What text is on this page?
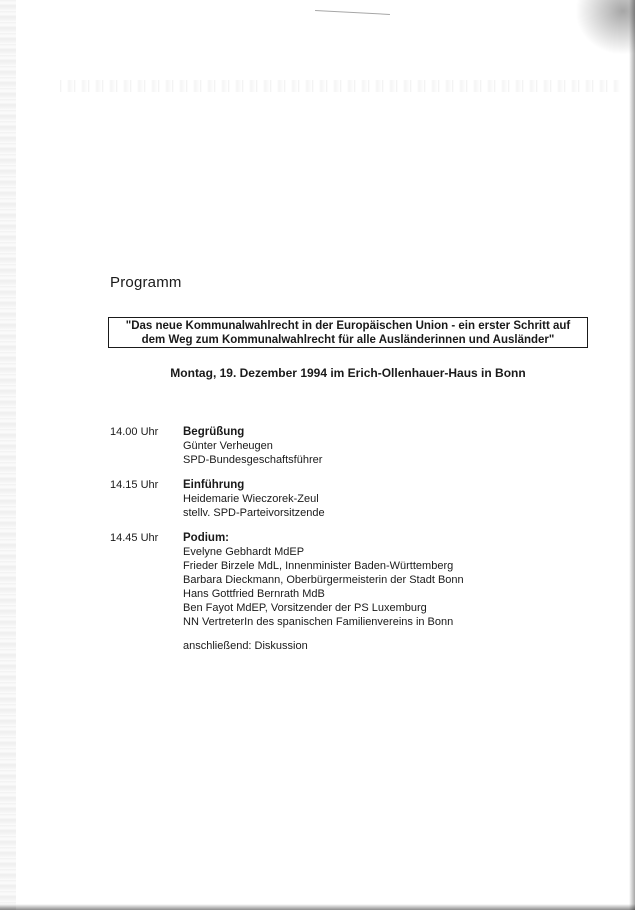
Programm
"Das neue Kommunalwahlrecht in der Europäischen Union - ein erster Schritt auf
dem Weg zum Kommunalwahlrecht für alle Ausländerinnen und Ausländer"
Montag, 19. Dezember 1994 im Erich-Ollenhauer-Haus in Bonn
14.00 Uhr Begrüßung
Günter Verheugen
SPD-Bundesgeschaftsführer
14.15 Uhr Einführung
Heidemarie Wieczorek-Zeul
stellv. SPD-Parteivorsitzende
14.45 Uhr Podium:
Evelyne Gebhardt MdEP
Frieder Birzele MdL, Innenminister Baden-Württemberg
Barbara Dieckmann, Oberbürgermeisterin der Stadt Bonn
Hans Gottfried Bernrath MdB
Ben Fayot MdEP, Vorsitzender der PS Luxemburg
NN VertreterIn des spanischen Familienvereins in Bonn
anschließend: Diskussion
